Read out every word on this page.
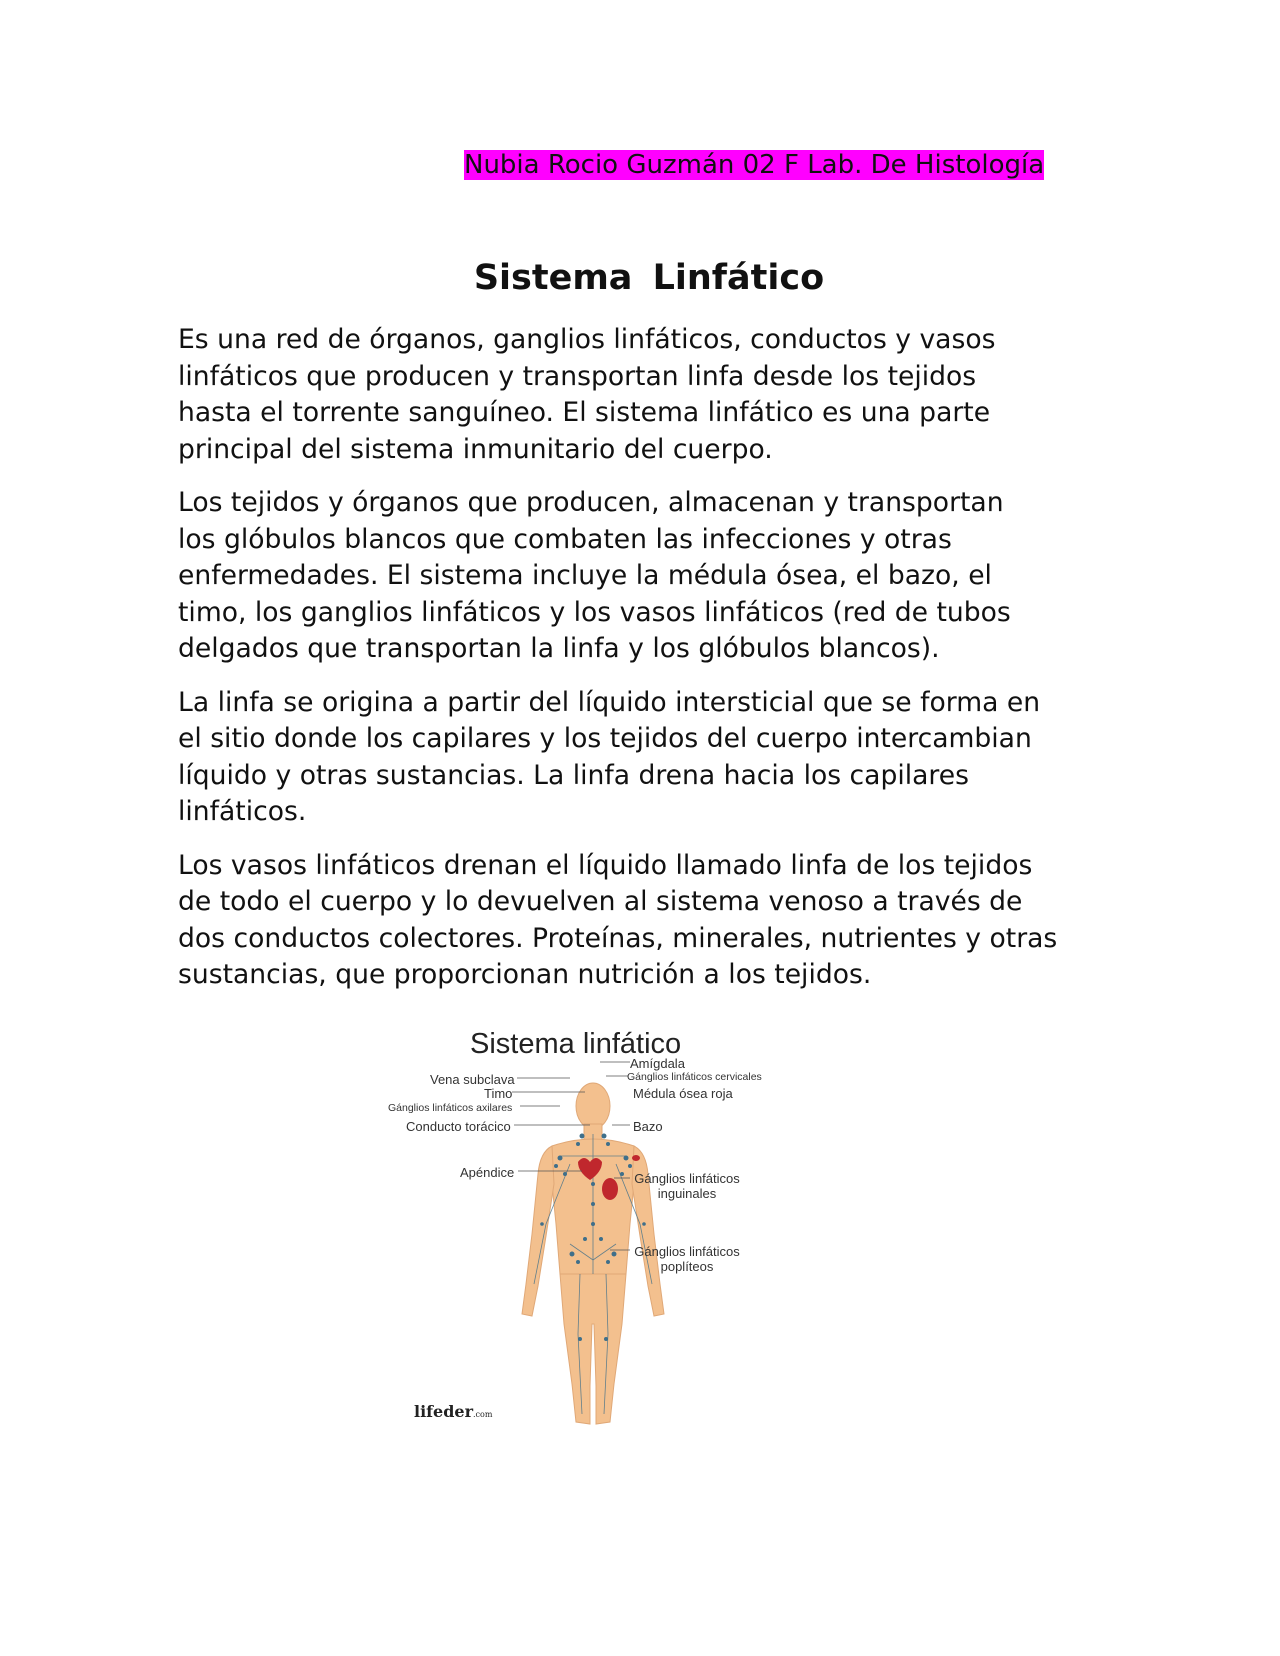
Nubia Rocio Guzmán 02 F Lab. De Histología
Sistema Linfático

Es una red de órganos, ganglios linfáticos, conductos y vasos
linfáticos que producen y transportan linfa desde los tejidos
hasta el torrente sanguíneo. El sistema linfático es una parte
principal del sistema inmunitario del cuerpo.

Los tejidos y órganos que producen, almacenan y transportan
los glóbulos blancos que combaten las infecciones y otras
enfermedades. El sistema incluye la médula ósea, el bazo, el
timo, los ganglios linfáticos y los vasos linfáticos (red de tubos
delgados que transportan la linfa y los glóbulos blancos).

La linfa se origina a partir del líquido intersticial que se forma en
el sitio donde los capilares y los tejidos del cuerpo intercambian
líquido y otras sustancias. La linfa drena hacia los capilares
linfáticos.

Los vasos linfáticos drenan el líquido llamado linfa de los tejidos
de todo el cuerpo y lo devuelven al sistema venoso a través de
dos conductos colectores. Proteínas, minerales, nutrientes y otras
sustancias, que proporcionan nutrición a los tejidos.

Sistema linfático
Vena subclava
Timo
Gánglios linfáticos axilares
Conducto torácico
Apéndice
Amígdala
Gánglios linfáticos cervicales
Médula ósea roja
Bazo
Gánglios linfáticos
inguinales
Gánglios linfáticos
poplíteos
lifeder.com
